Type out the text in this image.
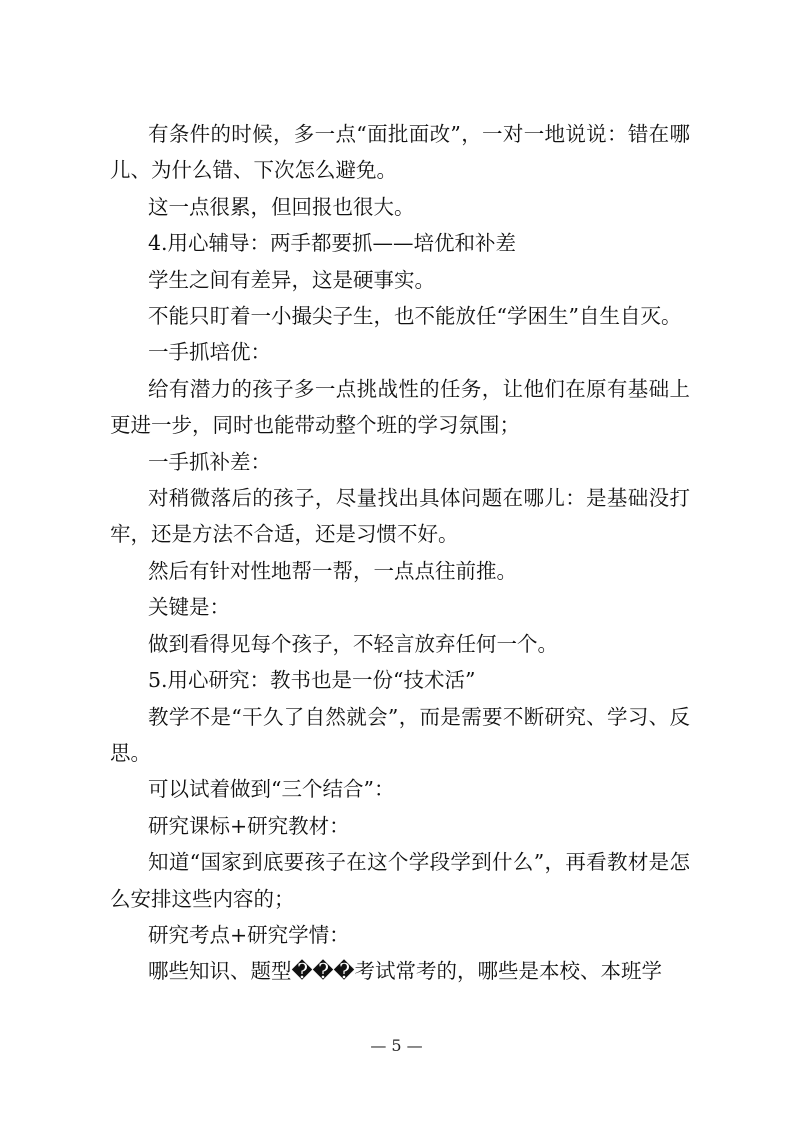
有条件的时候，多一点“面批面改”，一对一地说说：错在哪儿、为什么错、下次怎么避免。

这一点很累，但回报也很大。

4.用心辅导：两手都要抓——培优和补差

学生之间有差异，这是硬事实。

不能只盯着一小撮尖子生，也不能放任“学困生”自生自灭。

一手抓培优：

给有潜力的孩子多一点挑战性的任务，让他们在原有基础上更进一步，同时也能带动整个班的学习氛围；

一手抓补差：

对稍微落后的孩子，尽量找出具体问题在哪儿：是基础没打牢，还是方法不合适，还是习惯不好。

然后有针对性地帮一帮，一点点往前推。

关键是：

做到看得见每个孩子，不轻言放弃任何一个。

5.用心研究：教书也是一份“技术活”

教学不是“干久了自然就会”，而是需要不断研究、学习、反思。

可以试着做到“三个结合”：

研究课标+研究教材：

知道“国家到底要孩子在这个学段学到什么”，再看教材是怎么安排这些内容的；

研究考点+研究学情：

哪些知识、题型���考试常考的，哪些是本校、本班学

— 5 —
